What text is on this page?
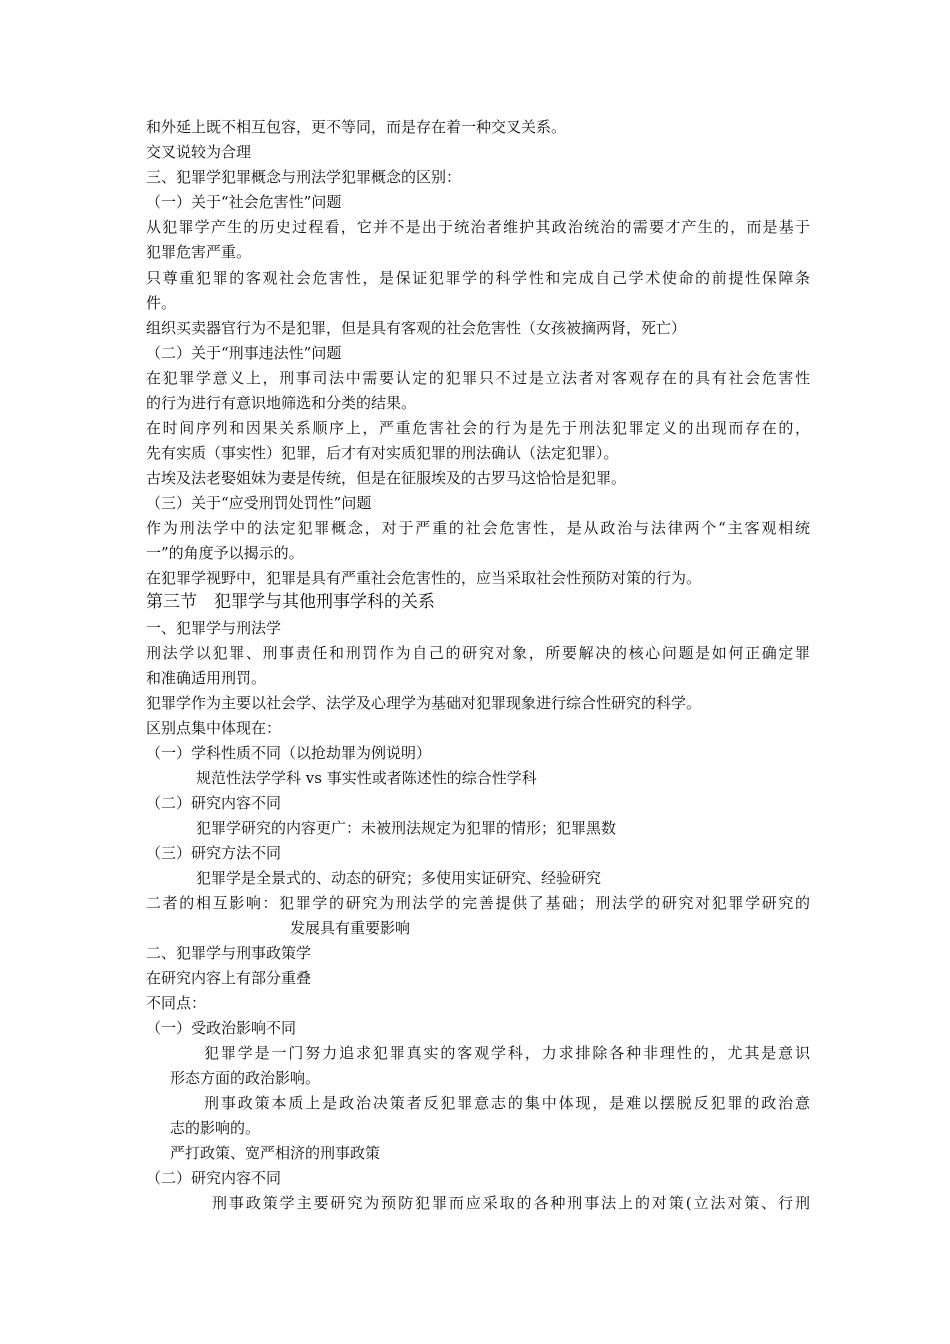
和外延上既不相互包容，更不等同，而是存在着一种交叉关系。
交叉说较为合理
三、犯罪学犯罪概念与刑法学犯罪概念的区别：
（一）关于“社会危害性”问题
从犯罪学产生的历史过程看，它并不是出于统治者维护其政治统治的需要才产生的，而是基于
犯罪危害严重。
只尊重犯罪的客观社会危害性，是保证犯罪学的科学性和完成自己学术使命的前提性保障条
件。
组织买卖器官行为不是犯罪，但是具有客观的社会危害性（女孩被摘两肾，死亡）
（二）关于“刑事违法性”问题
在犯罪学意义上，刑事司法中需要认定的犯罪只不过是立法者对客观存在的具有社会危害性
的行为进行有意识地筛选和分类的结果。
在时间序列和因果关系顺序上，严重危害社会的行为是先于刑法犯罪定义的出现而存在的，
先有实质（事实性）犯罪，后才有对实质犯罪的刑法确认（法定犯罪）。
古埃及法老娶姐妹为妻是传统，但是在征服埃及的古罗马这恰恰是犯罪。
（三）关于“应受刑罚处罚性”问题
作为刑法学中的法定犯罪概念，对于严重的社会危害性，是从政治与法律两个“主客观相统
一”的角度予以揭示的。
在犯罪学视野中，犯罪是具有严重社会危害性的，应当采取社会性预防对策的行为。
第三节　犯罪学与其他刑事学科的关系
一、犯罪学与刑法学
刑法学以犯罪、刑事责任和刑罚作为自己的研究对象，所要解决的核心问题是如何正确定罪
和准确适用刑罚。
犯罪学作为主要以社会学、法学及心理学为基础对犯罪现象进行综合性研究的科学。
区别点集中体现在：
（一）学科性质不同（以抢劫罪为例说明）
规范性法学学科 vs 事实性或者陈述性的综合性学科
（二）研究内容不同
犯罪学研究的内容更广：未被刑法规定为犯罪的情形；犯罪黑数
（三）研究方法不同
犯罪学是全景式的、动态的研究；多使用实证研究、经验研究
二者的相互影响：犯罪学的研究为刑法学的完善提供了基础；刑法学的研究对犯罪学研究的
发展具有重要影响
二、犯罪学与刑事政策学
在研究内容上有部分重叠
不同点：
（一）受政治影响不同
犯罪学是一门努力追求犯罪真实的客观学科，力求排除各种非理性的，尤其是意识
形态方面的政治影响。
刑事政策本质上是政治决策者反犯罪意志的集中体现，是难以摆脱反犯罪的政治意
志的影响的。
严打政策、宽严相济的刑事政策
（二）研究内容不同
刑事政策学主要研究为预防犯罪而应采取的各种刑事法上的对策(立法对策、行刑
